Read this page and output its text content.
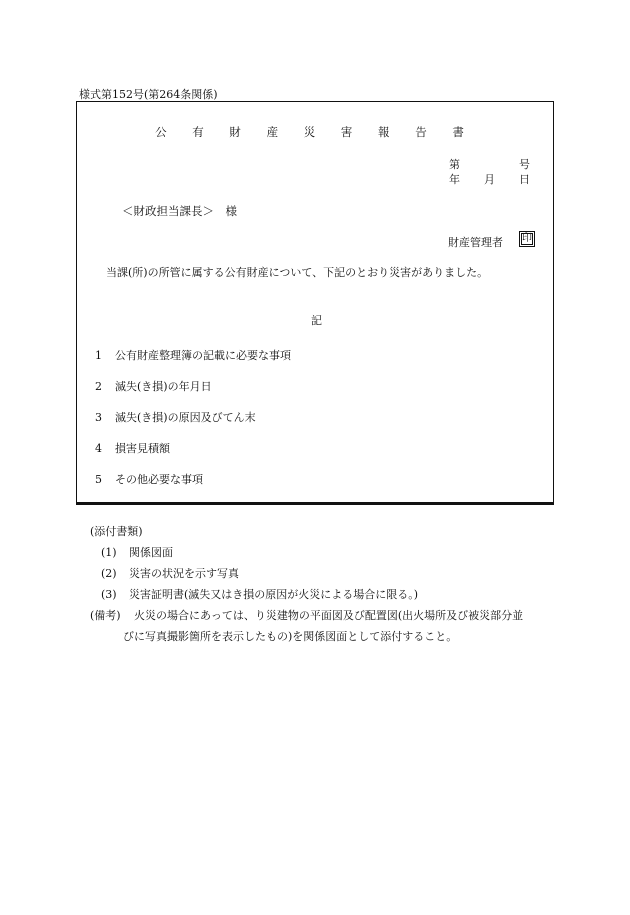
様式第152号(第264条関係)
公 有 財 産 災 害 報 告 書
第	号
年 月 日
＜財政担当課長＞　様
財産管理者	印
当課(所)の所管に属する公有財産について、下記のとおり災害がありました。
記
1 公有財産整理簿の記載に必要な事項
2 滅失(き損)の年月日
3 滅失(き損)の原因及びてん末
4 損害見積額
5 その他必要な事項
(添付書類)
(1) 関係図面
(2) 災害の状況を示す写真
(3) 災害証明書(滅失又はき損の原因が火災による場合に限る。)
(備考) 火災の場合にあっては、り災建物の平面図及び配置図(出火場所及び被災部分並
びに写真撮影箇所を表示したもの)を関係図面として添付すること。
